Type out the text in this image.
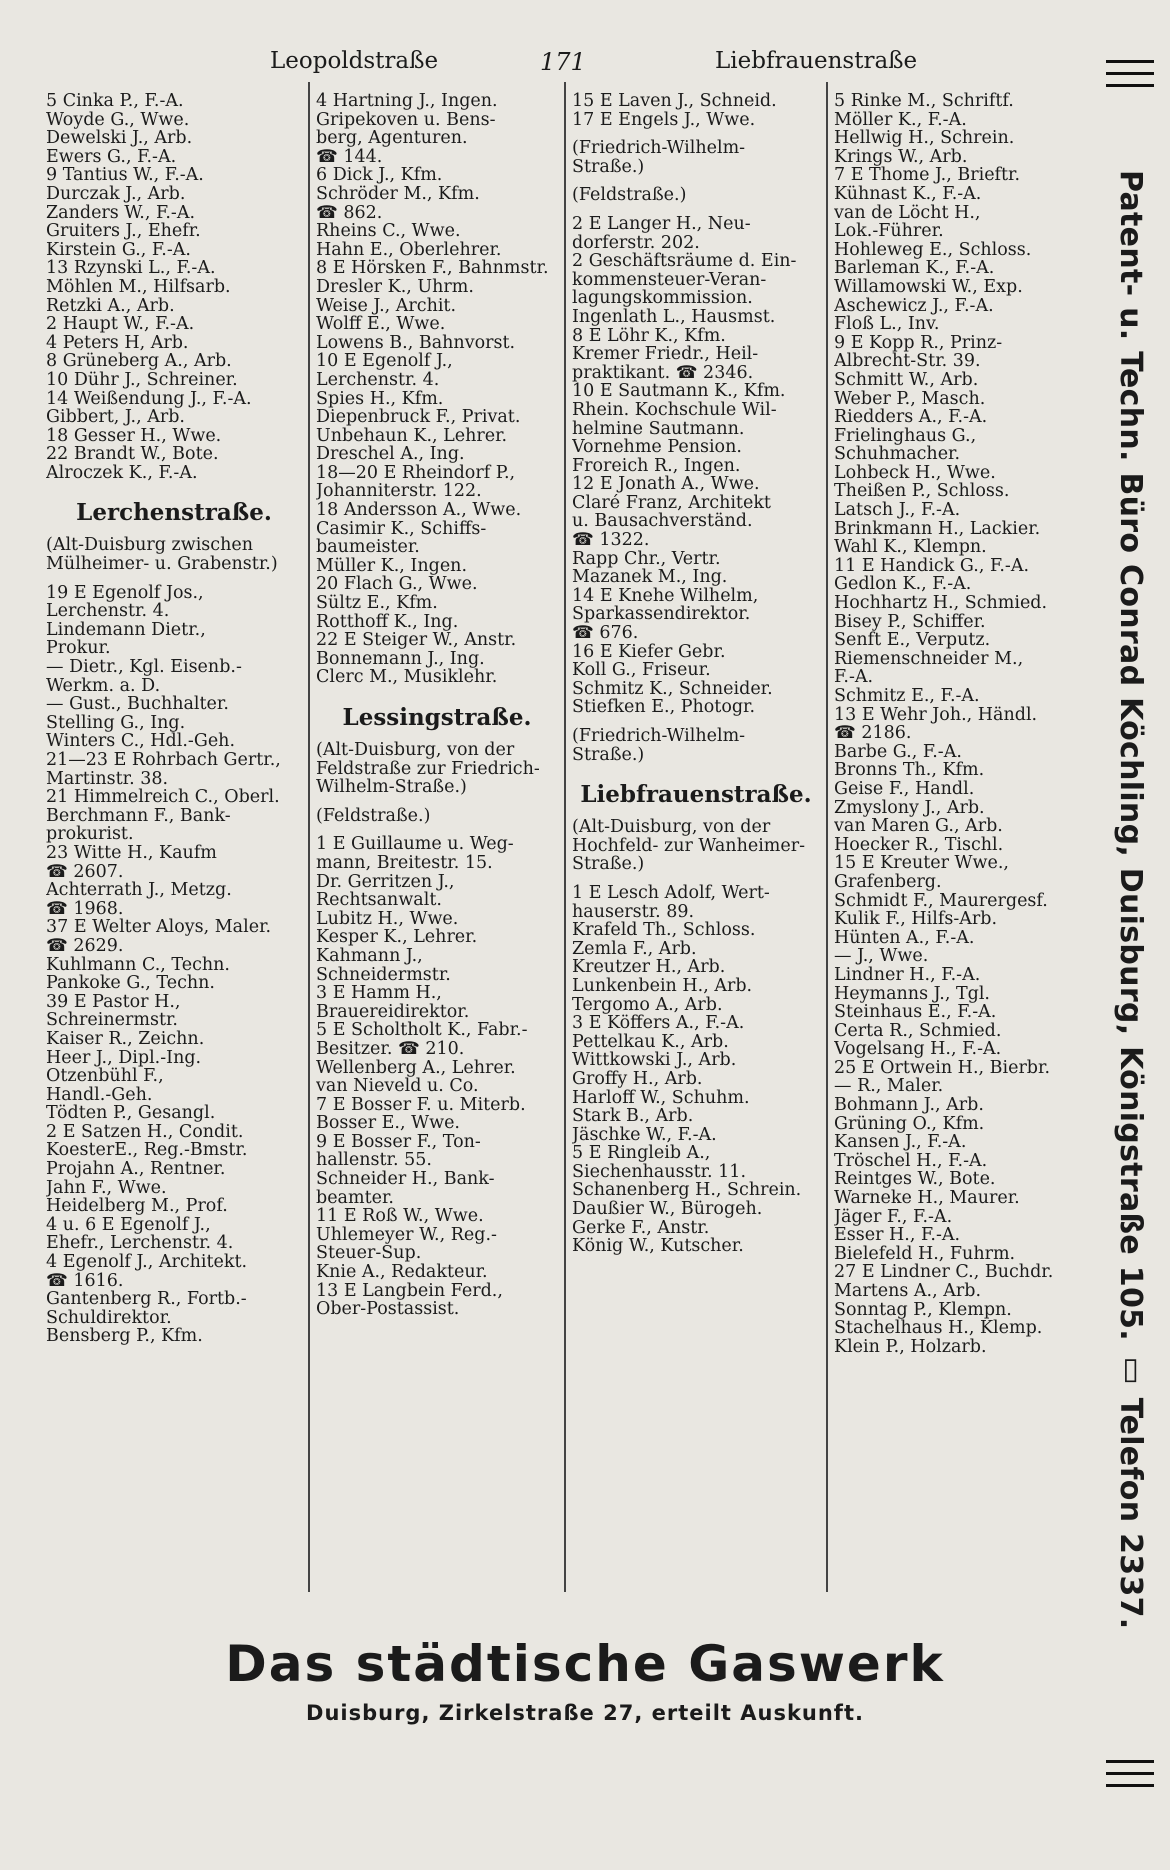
Leopoldstraße	171	Liebfrauenstraße
5 Cinka P., F.-A.
Woyde G., Wwe.
Dewelski J., Arb.
Ewers G., F.-A.
9 Tantius W., F.-A.
Durczak J., Arb.
Zanders W., F.-A.
Gruiters J., Ehefr.
Kirstein G., F.-A.
13 Rzynski L., F.-A.
Möhlen M., Hilfsarb.
Retzki A., Arb.
2 Haupt W., F.-A.
4 Peters H, Arb.
8 Grüneberg A., Arb.
10 Dühr J., Schreiner.
14 Weißendung J., F.-A.
Gibbert, J., Arb.
18 Gesser H., Wwe.
22 Brandt W., Bote.
Alroczek K., F.-A.
Lerchenstraße.
(Alt-Duisburg zwischen
Mülheimer- u. Grabenstr.)
19 E Egenolf Jos.,
Lerchenstr. 4.
Lindemann Dietr.,
Prokur.
— Dietr., Kgl. Eisenb.-
Werkm. a. D.
— Gust., Buchhalter.
Stelling G., Ing.
Winters C., Hdl.-Geh.
21—23 E Rohrbach Gertr.,
Martinstr. 38.
21 Himmelreich C., Oberl.
Berchmann F., Bank-
prokurist.
23 Witte H., Kaufm
☎ 2607.
Achterrath J., Metzg.
☎ 1968.
37 E Welter Aloys, Maler.
☎ 2629.
Kuhlmann C., Techn.
Pankoke G., Techn.
39 E Pastor H.,
Schreinermstr.
Kaiser R., Zeichn.
Heer J., Dipl.-Ing.
Otzenbühl F.,
Handl.-Geh.
Tödten P., Gesangl.
2 E Satzen H., Condit.
KoesterE., Reg.-Bmstr.
Projahn A., Rentner.
Jahn F., Wwe.
Heidelberg M., Prof.
4 u. 6 E Egenolf J.,
Ehefr., Lerchenstr. 4.
4 Egenolf J., Architekt.
☎ 1616.
Gantenberg R., Fortb.-
Schuldirektor.
Bensberg P., Kfm.
4 Hartning J., Ingen.
Gripekoven u. Bens-
berg, Agenturen.
☎ 144.
6 Dick J., Kfm.
Schröder M., Kfm.
☎ 862.
Rheins C., Wwe.
Hahn E., Oberlehrer.
8 E Hörsken F., Bahnmstr.
Dresler K., Uhrm.
Weise J., Archit.
Wolff E., Wwe.
Lowens B., Bahnvorst.
10 E Egenolf J.,
Lerchenstr. 4.
Spies H., Kfm.
Diepenbruck F., Privat.
Unbehaun K., Lehrer.
Dreschel A., Ing.
18—20 E Rheindorf P.,
Johanniterstr. 122.
18 Andersson A., Wwe.
Casimir K., Schiffs-
baumeister.
Müller K., Ingen.
20 Flach G., Wwe.
Sültz E., Kfm.
Rotthoff K., Ing.
22 E Steiger W., Anstr.
Bonnemann J., Ing.
Clerc M., Musiklehr.
Lessingstraße.
(Alt-Duisburg, von der
Feldstraße zur Friedrich-
Wilhelm-Straße.)
(Feldstraße.)
1 E Guillaume u. Weg-
mann, Breitestr. 15.
Dr. Gerritzen J.,
Rechtsanwalt.
Lubitz H., Wwe.
Kesper K., Lehrer.
Kahmann J.,
Schneidermstr.
3 E Hamm H.,
Brauereidirektor.
5 E Scholtholt K., Fabr.-
Besitzer. ☎ 210.
Wellenberg A., Lehrer.
van Nieveld u. Co.
7 E Bosser F. u. Miterb.
Bosser E., Wwe.
9 E Bosser F., Ton-
hallenstr. 55.
Schneider H., Bank-
beamter.
11 E Roß W., Wwe.
Uhlemeyer W., Reg.-
Steuer-Sup.
Knie A., Redakteur.
13 E Langbein Ferd.,
Ober-Postassist.
15 E Laven J., Schneid.
17 E Engels J., Wwe.
(Friedrich-Wilhelm-
Straße.)
(Feldstraße.)
2 E Langer H., Neu-
dorferstr. 202.
2 Geschäftsräume d. Ein-
kommensteuer-Veran-
lagungskommission.
Ingenlath L., Hausmst.
8 E Löhr K., Kfm.
Kremer Friedr., Heil-
praktikant. ☎ 2346.
10 E Sautmann K., Kfm.
Rhein. Kochschule Wil-
helmine Sautmann.
Vornehme Pension.
Froreich R., Ingen.
12 E Jonath A., Wwe.
Claré Franz, Architekt
u. Bausachverständ.
☎ 1322.
Rapp Chr., Vertr.
Mazanek M., Ing.
14 E Knehe Wilhelm,
Sparkassendirektor.
☎ 676.
16 E Kiefer Gebr.
Koll G., Friseur.
Schmitz K., Schneider.
Stiefken E., Photogr.
(Friedrich-Wilhelm-
Straße.)
Liebfrauenstraße.
(Alt-Duisburg, von der
Hochfeld- zur Wanheimer-
Straße.)
1 E Lesch Adolf, Wert-
hauserstr. 89.
Krafeld Th., Schloss.
Zemla F., Arb.
Kreutzer H., Arb.
Lunkenbein H., Arb.
Tergomo A., Arb.
3 E Köffers A., F.-A.
Pettelkau K., Arb.
Wittkowski J., Arb.
Groffy H., Arb.
Harloff W., Schuhm.
Stark B., Arb.
Jäschke W., F.-A.
5 E Ringleib A.,
Siechenhausstr. 11.
Schanenberg H., Schrein.
Daußier W., Bürogeh.
Gerke F., Anstr.
König W., Kutscher.
5 Rinke M., Schriftf.
Möller K., F.-A.
Hellwig H., Schrein.
Krings W., Arb.
7 E Thome J., Brieftr.
Kühnast K., F.-A.
van de Löcht H.,
Lok.-Führer.
Hohleweg E., Schloss.
Barleman K., F.-A.
Willamowski W., Exp.
Aschewicz J., F.-A.
Floß L., Inv.
9 E Kopp R., Prinz-
Albrecht-Str. 39.
Schmitt W., Arb.
Weber P., Masch.
Riedders A., F.-A.
Frielinghaus G.,
Schuhmacher.
Lohbeck H., Wwe.
Theißen P., Schloss.
Latsch J., F.-A.
Brinkmann H., Lackier.
Wahl K., Klempn.
11 E Handick G., F.-A.
Gedlon K., F.-A.
Hochhartz H., Schmied.
Bisey P., Schiffer.
Senft E., Verputz.
Riemenschneider M.,
F.-A.
Schmitz E., F.-A.
13 E Wehr Joh., Händl.
☎ 2186.
Barbe G., F.-A.
Bronns Th., Kfm.
Geise F., Handl.
Zmyslony J., Arb.
van Maren G., Arb.
Hoecker R., Tischl.
15 E Kreuter Wwe.,
Grafenberg.
Schmidt F., Maurergesf.
Kulik F., Hilfs-Arb.
Hünten A., F.-A.
— J., Wwe.
Lindner H., F.-A.
Heymanns J., Tgl.
Steinhaus E., F.-A.
Certa R., Schmied.
Vogelsang H., F.-A.
25 E Ortwein H., Bierbr.
— R., Maler.
Bohmann J., Arb.
Grüning O., Kfm.
Kansen J., F.-A.
Tröschel H., F.-A.
Reintges W., Bote.
Warneke H., Maurer.
Jäger F., F.-A.
Esser H., F.-A.
Bielefeld H., Fuhrm.
27 E Lindner C., Buchdr.
Martens A., Arb.
Sonntag P., Klempn.
Stachelhaus H., Klemp.
Klein P., Holzarb.	Patent- u. Techn. Büro Conrad Köchling, Duisburg, Königstraße 105. ▯ Telefon 2337.
Das städtische Gaswerk
Duisburg, Zirkelstraße 27, erteilt Auskunft.
